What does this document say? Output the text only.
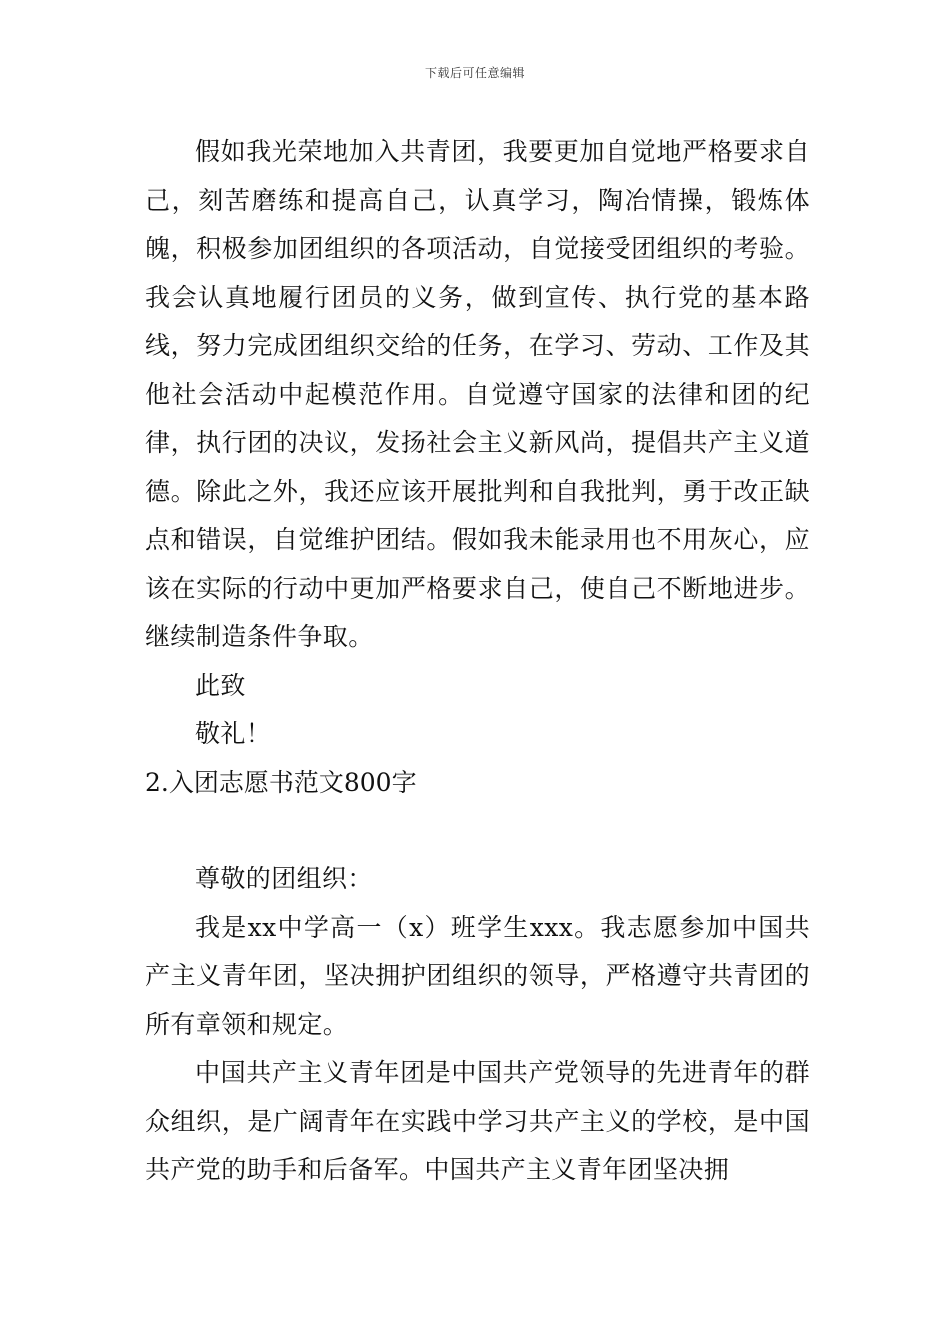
下载后可任意编辑

假如我光荣地加入共青团，我要更加自觉地严格要求自己，刻苦磨练和提高自己，认真学习，陶冶情操，锻炼体魄，积极参加团组织的各项活动，自觉接受团组织的考验。我会认真地履行团员的义务，做到宣传、执行党的基本路线，努力完成团组织交给的任务，在学习、劳动、工作及其他社会活动中起模范作用。自觉遵守国家的法律和团的纪律，执行团的决议，发扬社会主义新风尚，提倡共产主义道德。除此之外，我还应该开展批判和自我批判，勇于改正缺点和错误，自觉维护团结。假如我未能录用也不用灰心，应该在实际的行动中更加严格要求自己，使自己不断地进步。继续制造条件争取。

此致

敬礼！

2.入团志愿书范文800字

尊敬的团组织：

我是xx中学高一（x）班学生xxx。我志愿参加中国共产主义青年团，坚决拥护团组织的领导，严格遵守共青团的所有章领和规定。

中国共产主义青年团是中国共产党领导的先进青年的群众组织，是广阔青年在实践中学习共产主义的学校，是中国共产党的助手和后备军。中国共产主义青年团坚决拥
